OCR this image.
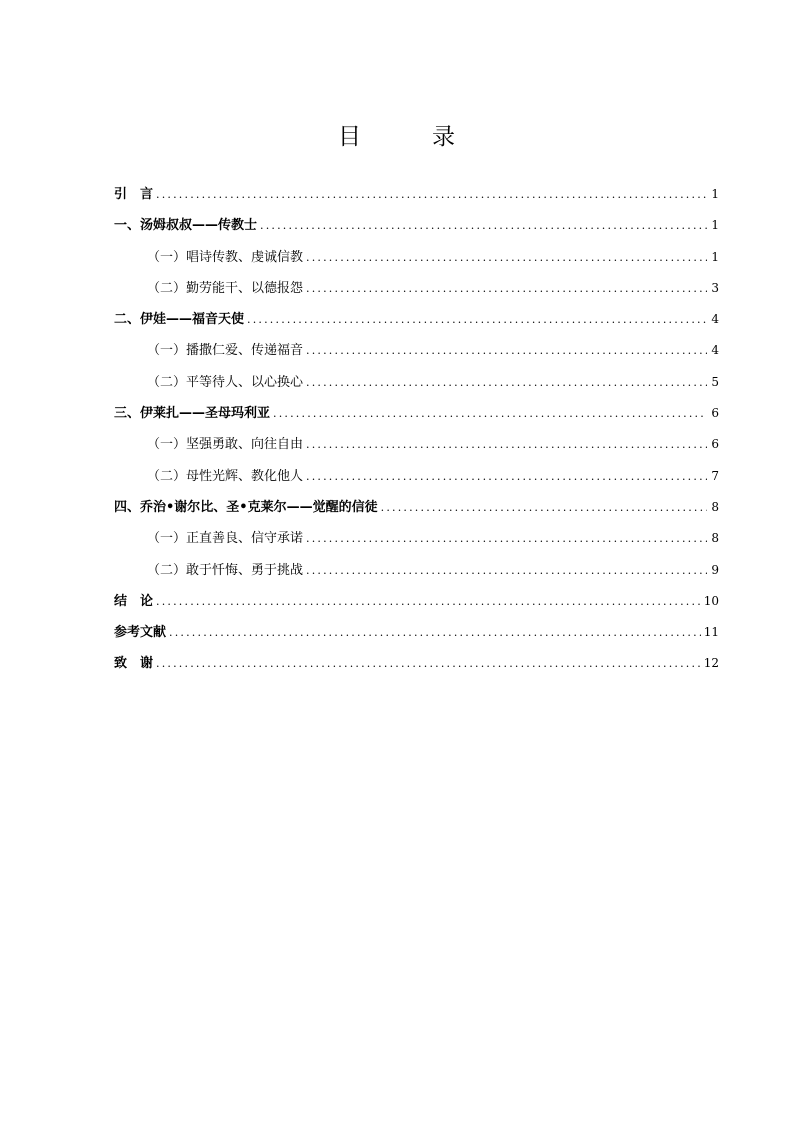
目　录
引　言 .....	1
一、汤姆叔叔——传教士 .....	1
（一）唱诗传教、虔诚信教 .....	1
（二）勤劳能干、以德报怨 .....	3
二、伊娃——福音天使 .....	4
（一）播撒仁爱、传递福音 .....	4
（二）平等待人、以心换心 .....	5
三、伊莱扎——圣母玛利亚 .....	6
（一）坚强勇敢、向往自由 .....	6
（二）母性光辉、教化他人 .....	7
四、乔治•谢尔比、圣•克莱尔——觉醒的信徒 .....	8
（一）正直善良、信守承诺 .....	8
（二）敢于忏悔、勇于挑战 .....	9
结　论 .....	10
参考文献 .....	11
致　谢 .....	12
